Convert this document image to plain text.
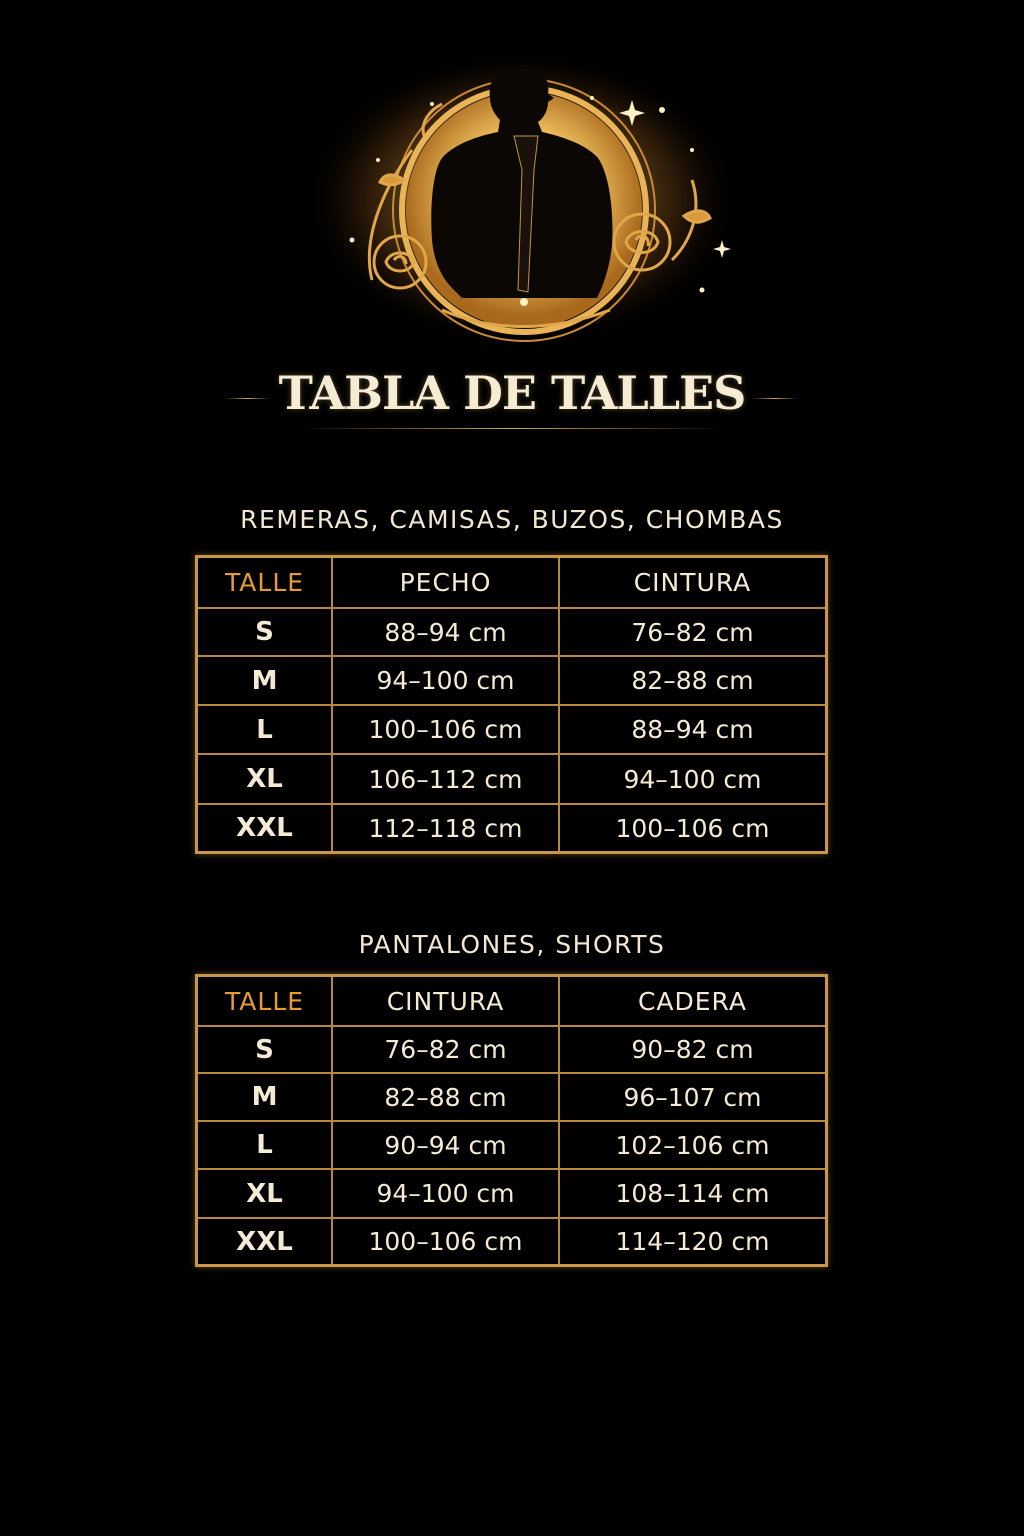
TABLA DE TALLES
REMERAS, CAMISAS, BUZOS, CHOMBAS
TALLE	PECHO	CINTURA
S	88–94 cm	76–82 cm
M	94–100 cm	82–88 cm
L	100–106 cm	88–94 cm
XL	106–112 cm	94–100 cm
XXL	112–118 cm	100–106 cm
PANTALONES, SHORTS
TALLE	CINTURA	CADERA
S	76–82 cm	90–82 cm
M	82–88 cm	96–107 cm
L	90–94 cm	102–106 cm
XL	94–100 cm	108–114 cm
XXL	100–106 cm	114–120 cm
